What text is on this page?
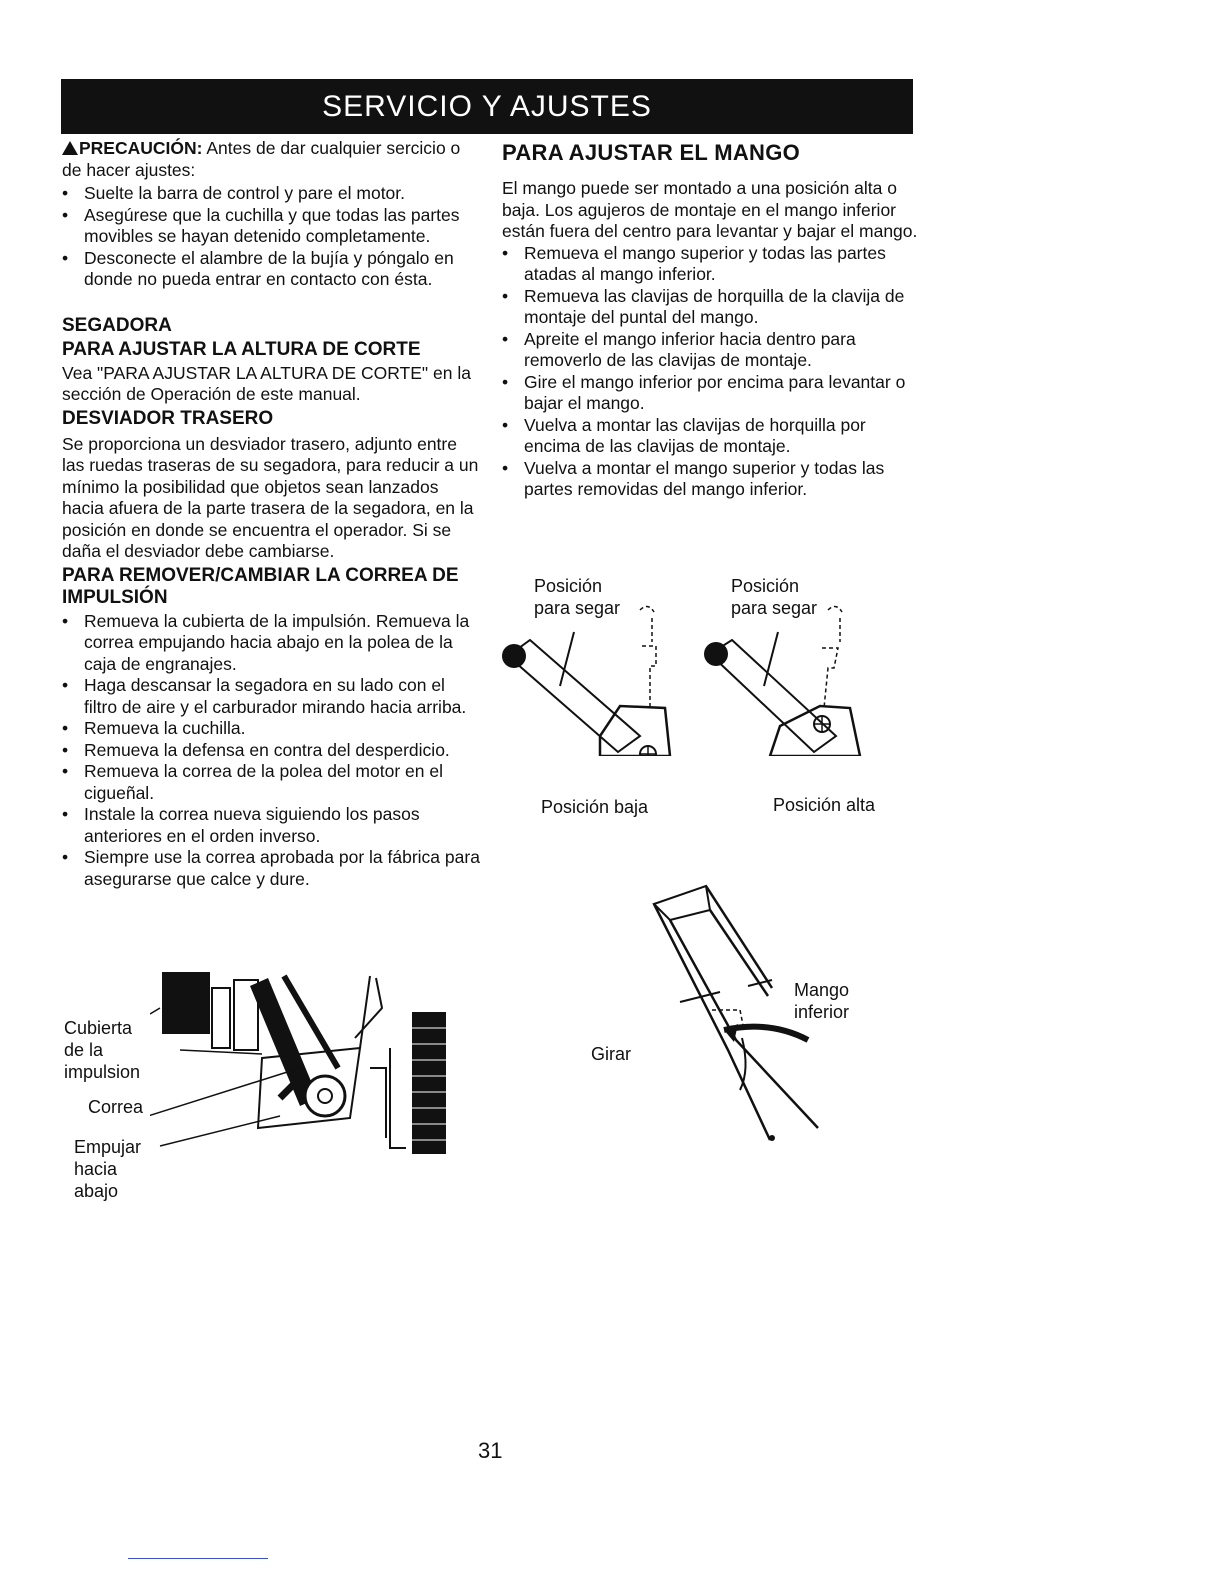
SERVICIO Y AJUSTES

PRECAUCIÓN: Antes de dar cualquier sercicio o de hacer ajustes:

• Suelte la barra de control y pare el motor.
• Asegúrese que la cuchilla y que todas las partes movibles se hayan detenido completamente.
• Desconecte el alambre de la bujía y póngalo en donde no pueda entrar en contacto con ésta.

SEGADORA

PARA AJUSTAR LA ALTURA DE CORTE

Vea "PARA AJUSTAR LA ALTURA DE CORTE" en la sección de Operación de este manual.

DESVIADOR TRASERO

Se proporciona un desviador trasero, adjunto entre las ruedas traseras de su segadora, para reducir a un mínimo la posibilidad que objetos sean lanzados hacia afuera de la parte trasera de la segadora, en la posición en donde se encuentra el operador. Si se daña el desviador debe cambiarse.

PARA REMOVER/CAMBIAR LA CORREA DE IMPULSIÓN

• Remueva la cubierta de la impulsión. Remueva la correa empujando hacia abajo en la polea de la caja de engranajes.
• Haga descansar la segadora en su lado con el filtro de aire y el carburador mirando hacia arriba.
• Remueva la cuchilla.
• Remueva la defensa en contra del desperdicio.
• Remueva la correa de la polea del motor en el cigueñal.
• Instale la correa nueva siguiendo los pasos anteriores en el orden inverso.
• Siempre use la correa aprobada por la fábrica para asegurarse que calce y dure.
Cubierta
de la
impulsion
Correa
Empujar
hacia
abajo

PARA AJUSTAR EL MANGO

El mango puede ser montado a una posición alta o baja. Los agujeros de montaje en el mango inferior están fuera del centro para levantar y bajar el mango.

• Remueva el mango superior y todas las partes atadas al mango inferior.
• Remueva las clavijas de horquilla de la clavija de montaje del puntal del mango.
• Apreite el mango inferior hacia dentro para removerlo de las clavijas de montaje.
• Gire el mango inferior por encima para levantar o bajar el mango.
• Vuelva a montar las clavijas de horquilla por encima de las clavijas de montaje.
• Vuelva a montar el mango superior y todas las partes removidas del mango inferior.
Posición
para segar
Posición
para segar
Posición baja	Posición alta
Girar
Mango
inferior
31
